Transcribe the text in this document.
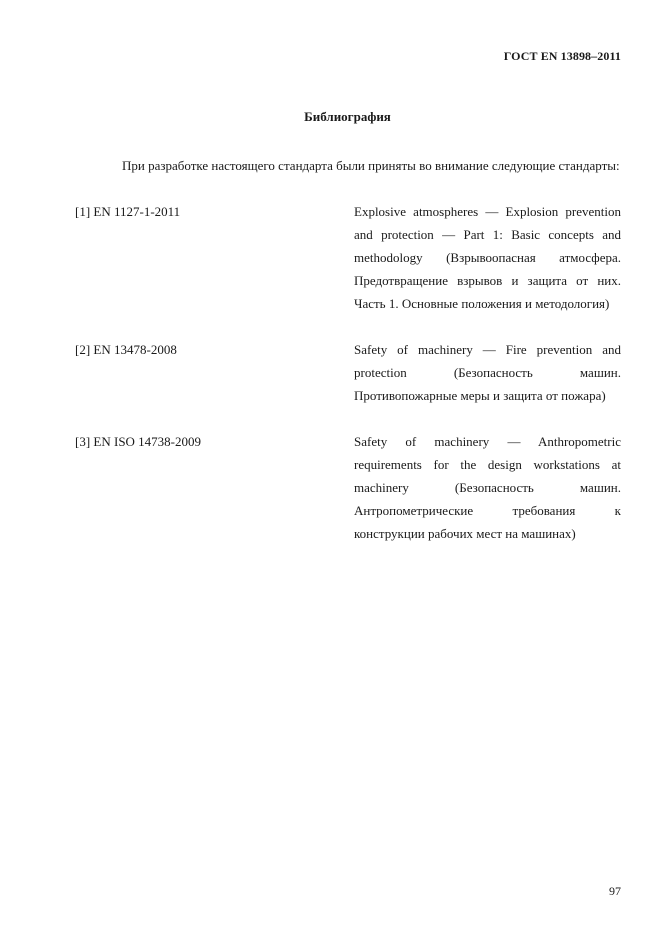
ГОСТ EN 13898–2011
Библиография
При разработке настоящего стандарта были приняты во внимание следующие стандарты:
[1] EN 1127-1-2011	Explosive atmospheres — Explosion prevention and protection — Part 1: Basic concepts and methodology (Взрывоопасная атмосфера. Предотвращение взрывов и защита от них. Часть 1. Основные положения и методология)
[2] EN 13478-2008	Safety of machinery — Fire prevention and protection (Безопасность машин. Противопожарные меры и защита от пожара)
[3] EN ISO 14738-2009	Safety of machinery — Anthropometric requirements for the design workstations at machinery (Безопасность машин. Антропометрические требования к конструкции рабочих мест на машинах)
97
